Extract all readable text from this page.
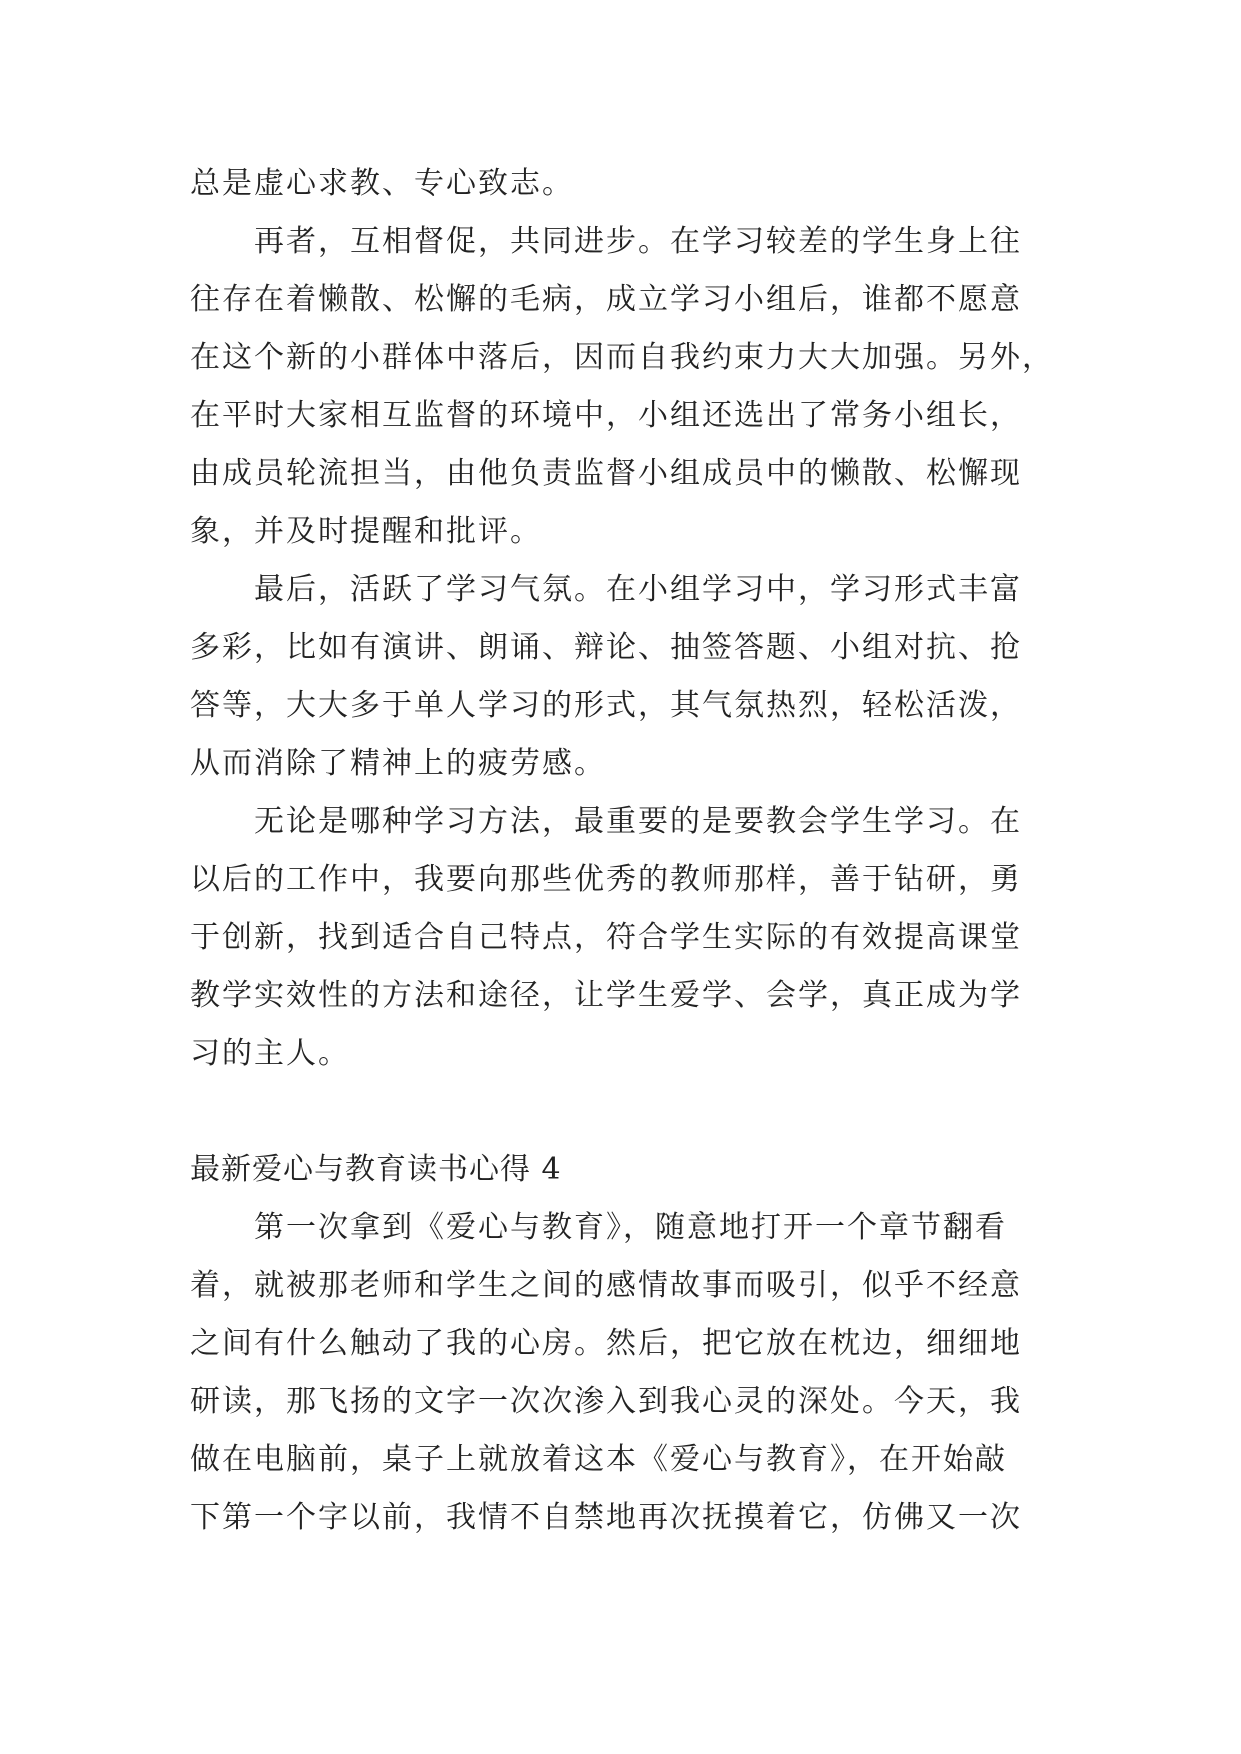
总是虚心求教、专心致志。
再者，互相督促，共同进步。在学习较差的学生身上往
往存在着懒散、松懈的毛病，成立学习小组后，谁都不愿意
在这个新的小群体中落后，因而自我约束力大大加强。另外，
在平时大家相互监督的环境中，小组还选出了常务小组长，
由成员轮流担当，由他负责监督小组成员中的懒散、松懈现
象，并及时提醒和批评。
最后，活跃了学习气氛。在小组学习中，学习形式丰富
多彩，比如有演讲、朗诵、辩论、抽签答题、小组对抗、抢
答等，大大多于单人学习的形式，其气氛热烈，轻松活泼，
从而消除了精神上的疲劳感。
无论是哪种学习方法，最重要的是要教会学生学习。在
以后的工作中，我要向那些优秀的教师那样，善于钻研，勇
于创新，找到适合自己特点，符合学生实际的有效提高课堂
教学实效性的方法和途径，让学生爱学、会学，真正成为学
习的主人。
最新爱心与教育读书心得 4
第一次拿到《爱心与教育》，随意地打开一个章节翻看
着，就被那老师和学生之间的感情故事而吸引，似乎不经意
之间有什么触动了我的心房。然后，把它放在枕边，细细地
研读，那飞扬的文字一次次渗入到我心灵的深处。今天，我
做在电脑前，桌子上就放着这本《爱心与教育》，在开始敲
下第一个字以前，我情不自禁地再次抚摸着它，仿佛又一次
